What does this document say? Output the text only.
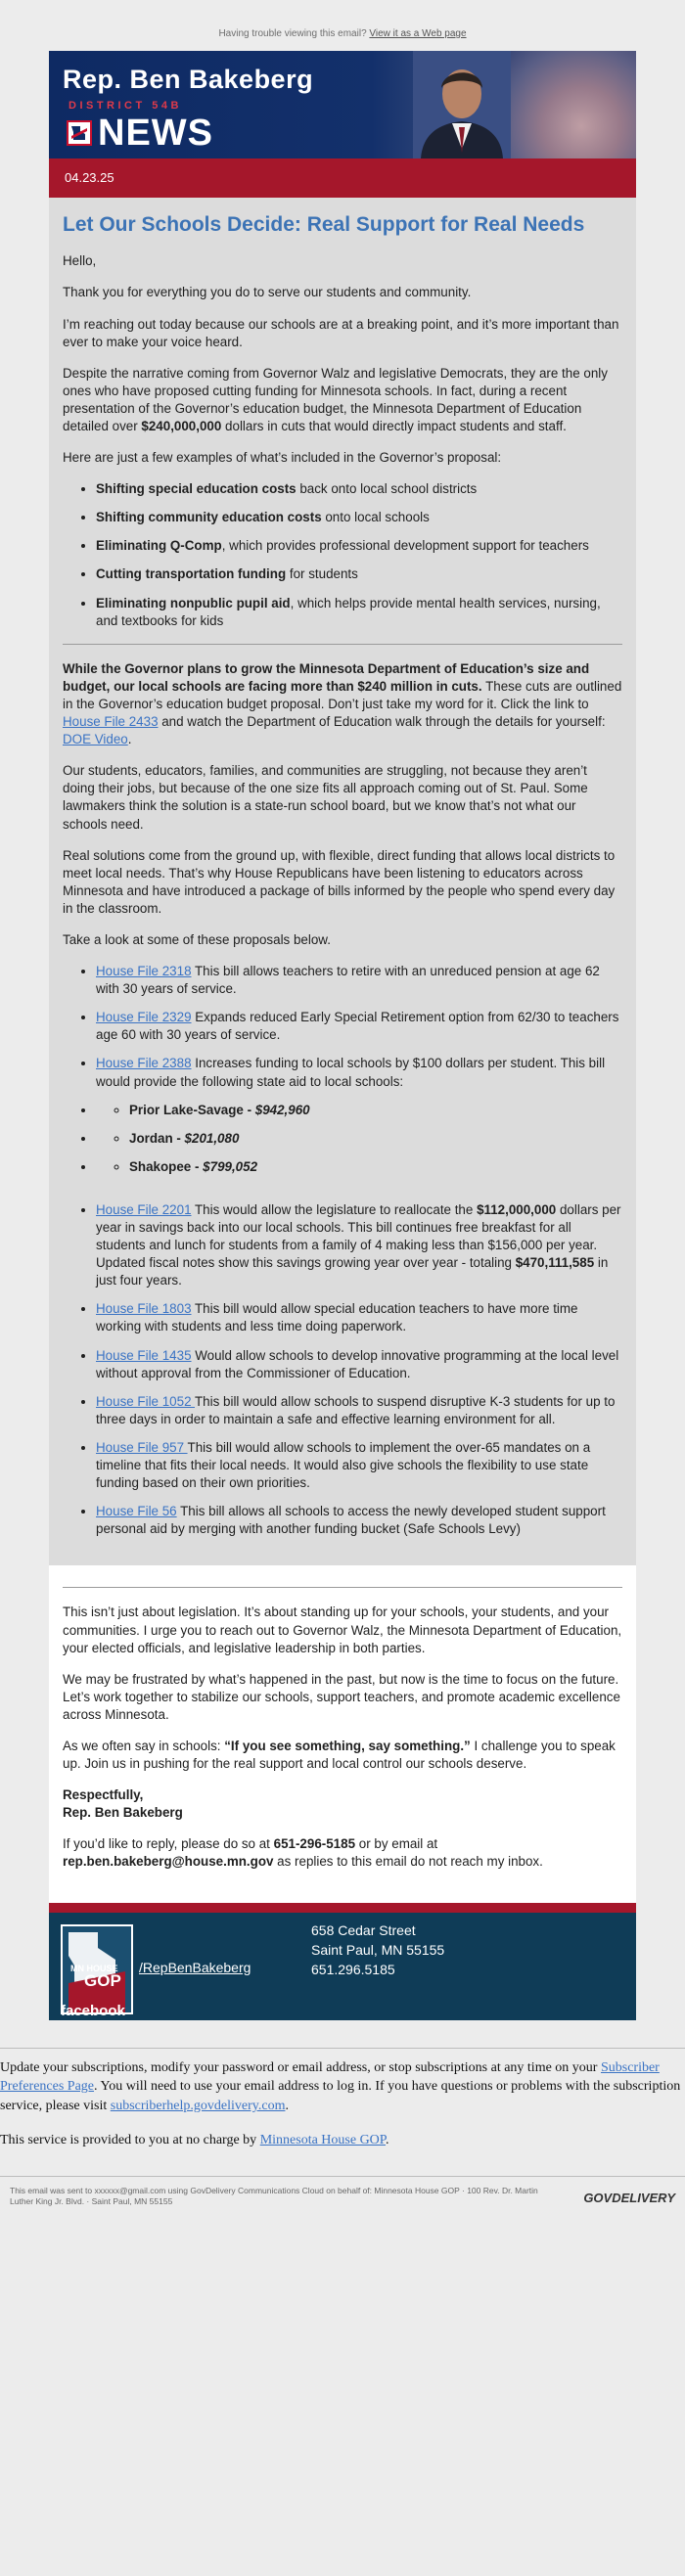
Having trouble viewing this email? View it as a Web page
Rep. Ben Bakeberg
DISTRICT 54B
NEWS
04.23.25
Let Our Schools Decide: Real Support for Real Needs

Hello,

Thank you for everything you do to serve our students and community.

I’m reaching out today because our schools are at a breaking point, and it’s more important than ever to make your voice heard.

Despite the narrative coming from Governor Walz and legislative Democrats, they are the only ones who have proposed cutting funding for Minnesota schools. In fact, during a recent presentation of the Governor’s education budget, the Minnesota Department of Education detailed over $240,000,000 dollars in cuts that would directly impact students and staff.

Here are just a few examples of what’s included in the Governor’s proposal:

• Shifting special education costs back onto local school districts
• Shifting community education costs onto local schools
• Eliminating Q-Comp, which provides professional development support for teachers
• Cutting transportation funding for students
• Eliminating nonpublic pupil aid, which helps provide mental health services, nursing, and textbooks for kids

While the Governor plans to grow the Minnesota Department of Education’s size and budget, our local schools are facing more than $240 million in cuts. These cuts are outlined in the Governor’s education budget proposal. Don’t just take my word for it. Click the link to House File 2433 and watch the Department of Education walk through the details for yourself: DOE Video.

Our students, educators, families, and communities are struggling, not because they aren’t doing their jobs, but because of the one size fits all approach coming out of St. Paul. Some lawmakers think the solution is a state-run school board, but we know that’s not what our schools need.

Real solutions come from the ground up, with flexible, direct funding that allows local districts to meet local needs. That’s why House Republicans have been listening to educators across Minnesota and have introduced a package of bills informed by the people who spend every day in the classroom.

Take a look at some of these proposals below.

• House File 2318 This bill allows teachers to retire with an unreduced pension at age 62 with 30 years of service.
• House File 2329 Expands reduced Early Special Retirement option from 62/30 to teachers age 60 with 30 years of service.
• House File 2388 Increases funding to local schools by $100 dollars per student. This bill would provide the following state aid to local schools:
◦ • Prior Lake-Savage - $942,960
◦ • Jordan - $201,080
◦ • Shakopee - $799,052
• House File 2201 This would allow the legislature to reallocate the $112,000,000 dollars per year in savings back into our local schools. This bill continues free breakfast for all students and lunch for students from a family of 4 making less than $156,000 per year. Updated fiscal notes show this savings growing year over year - totaling $470,111,585 in just four years.
• House File 1803 This bill would allow special education teachers to have more time working with students and less time doing paperwork.
• House File 1435 Would allow schools to develop innovative programming at the local level without approval from the Commissioner of Education.
• House File 1052 This bill would allow schools to suspend disruptive K-3 students for up to three days in order to maintain a safe and effective learning environment for all.
• House File 957 This bill would allow schools to implement the over-65 mandates on a timeline that fits their local needs. It would also give schools the flexibility to use state funding based on their own priorities.
• House File 56 This bill allows all schools to access the newly developed student support personal aid by merging with another funding bucket (Safe Schools Levy)

This isn’t just about legislation. It’s about standing up for your schools, your students, and your communities. I urge you to reach out to Governor Walz, the Minnesota Department of Education, your elected officials, and legislative leadership in both parties.

We may be frustrated by what’s happened in the past, but now is the time to focus on the future. Let’s work together to stabilize our schools, support teachers, and promote academic excellence across Minnesota.

As we often say in schools: “If you see something, say something.” I challenge you to speak up. Join us in pushing for the real support and local control our schools deserve.

Respectfully,
Rep. Ben Bakeberg

If you’d like to reply, please do so at 651-296-5185 or by email at rep.ben.bakeberg@house.mn.gov as replies to this email do not reach my inbox.

MN HOUSE
GOP
facebook
/RepBenBakeberg
658 Cedar Street
Saint Paul, MN 55155
651.296.5185

Update your subscriptions, modify your password or email address, or stop subscriptions at any time on your Subscriber Preferences Page. You will need to use your email address to log in. If you have questions or problems with the subscription service, please visit subscriberhelp.govdelivery.com.

This service is provided to you at no charge by Minnesota House GOP.

This email was sent to xxxxxx@gmail.com using GovDelivery Communications Cloud on behalf of: Minnesota House GOP · 100 Rev. Dr. Martin Luther King Jr. Blvd. · Saint Paul, MN 55155	GOVDELIVERY
